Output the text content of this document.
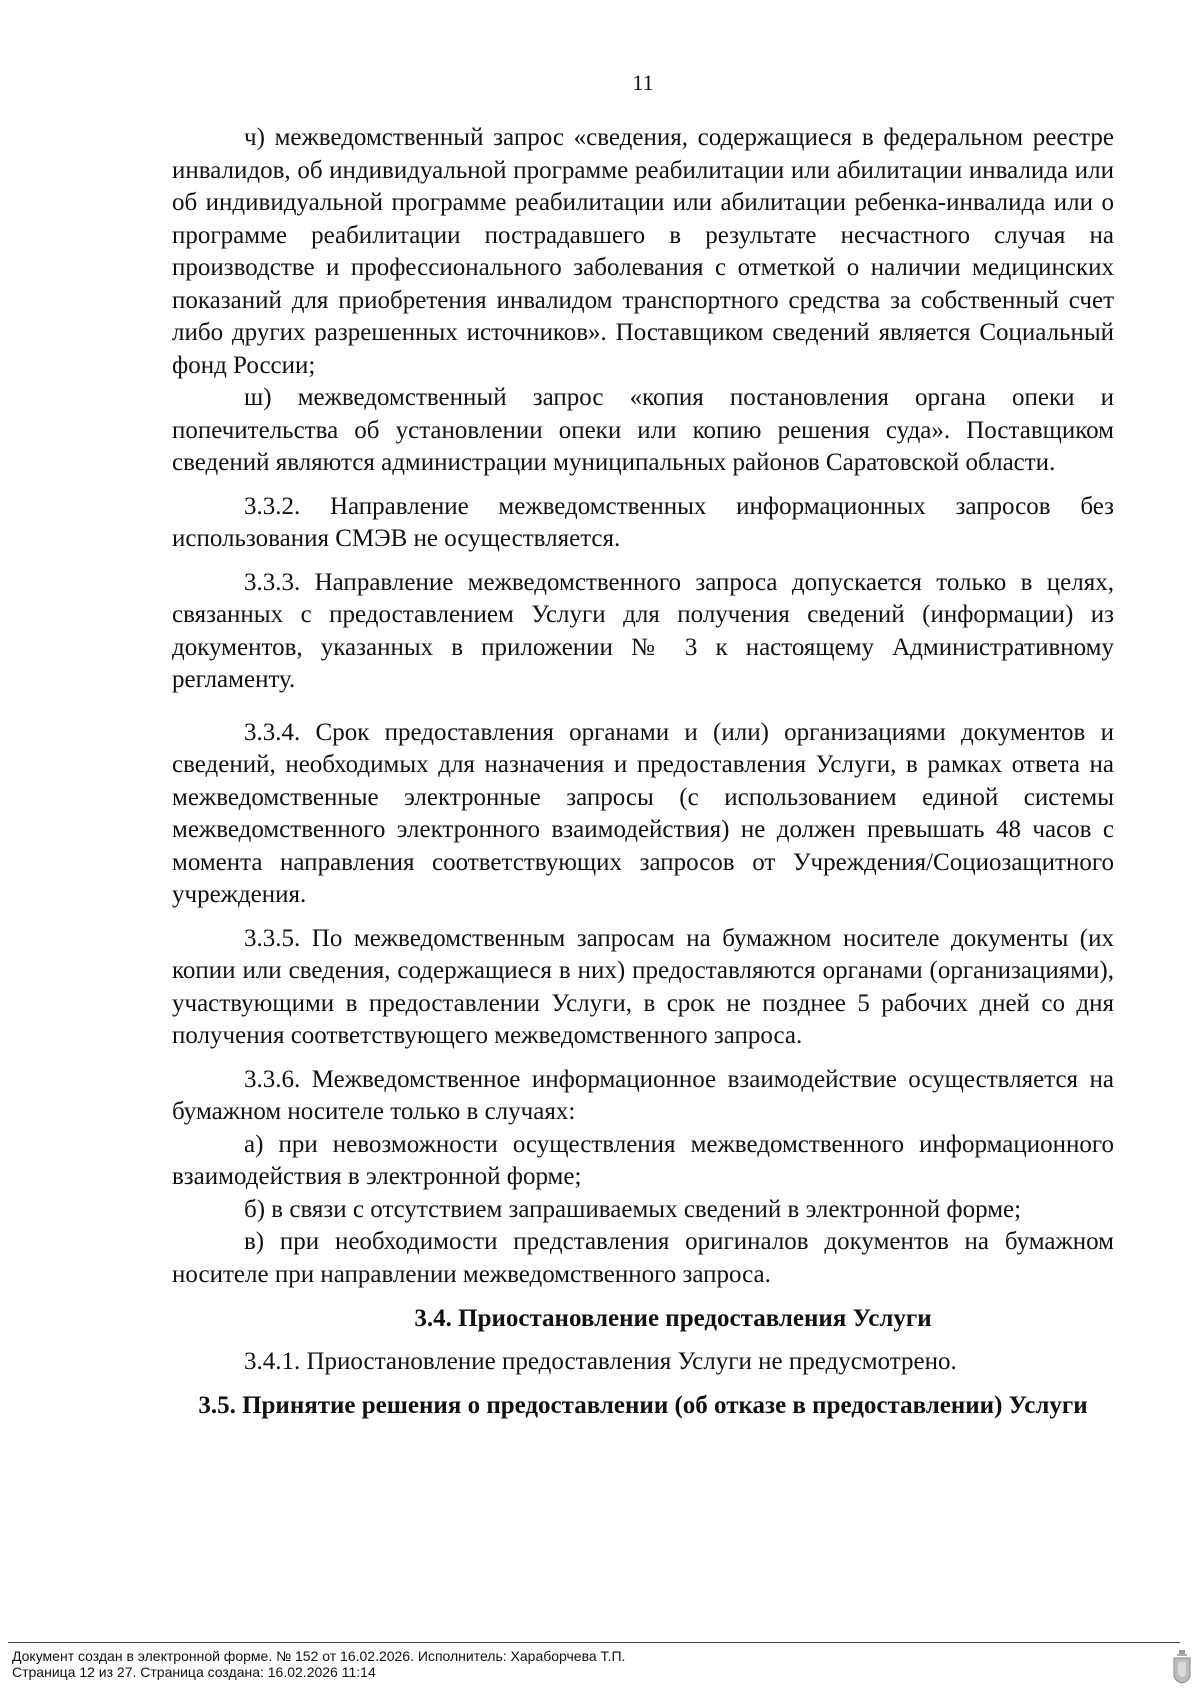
11

ч) межведомственный запрос «сведения, содержащиеся в федеральном реестре инвалидов, об индивидуальной программе реабилитации или абилитации инвалида или об индивидуальной программе реабилитации или абилитации ребенка-инвалида или о программе реабилитации пострадавшего в результате несчастного случая на производстве и профессионального заболевания с отметкой о наличии медицинских показаний для приобретения инвалидом транспортного средства за собственный счет либо других разрешенных источников». Поставщиком сведений является Социальный фонд России;

ш) межведомственный запрос «копия постановления органа опеки и попечительства об установлении опеки или копию решения суда». Поставщиком сведений являются администрации муниципальных районов Саратовской области.

3.3.2. Направление межведомственных информационных запросов без использования СМЭВ не осуществляется.

3.3.3. Направление межведомственного запроса допускается только в целях, связанных с предоставлением Услуги для получения сведений (информации) из документов, указанных в приложении № 3 к настоящему Административному регламенту.

3.3.4. Срок предоставления органами и (или) организациями документов и сведений, необходимых для назначения и предоставления Услуги, в рамках ответа на межведомственные электронные запросы (с использованием единой системы межведомственного электронного взаимодействия) не должен превышать 48 часов с момента направления соответствующих запросов от Учреждения/Социозащитного учреждения.

3.3.5. По межведомственным запросам на бумажном носителе документы (их копии или сведения, содержащиеся в них) предоставляются органами (организациями), участвующими в предоставлении Услуги, в срок не позднее 5 рабочих дней со дня получения соответствующего межведомственного запроса.

3.3.6. Межведомственное информационное взаимодействие осуществляется на бумажном носителе только в случаях:

а) при невозможности осуществления межведомственного информационного взаимодействия в электронной форме;

б) в связи с отсутствием запрашиваемых сведений в электронной форме;

в) при необходимости представления оригиналов документов на бумажном носителе при направлении межведомственного запроса.

3.4. Приостановление предоставления Услуги

3.4.1. Приостановление предоставления Услуги не предусмотрено.

3.5. Принятие решения о предоставлении (об отказе в предоставлении) Услуги
Документ создан в электронной форме. № 152 от 16.02.2026. Исполнитель: Хараборчева Т.П.
Страница 12 из 27. Страница создана: 16.02.2026 11:14
